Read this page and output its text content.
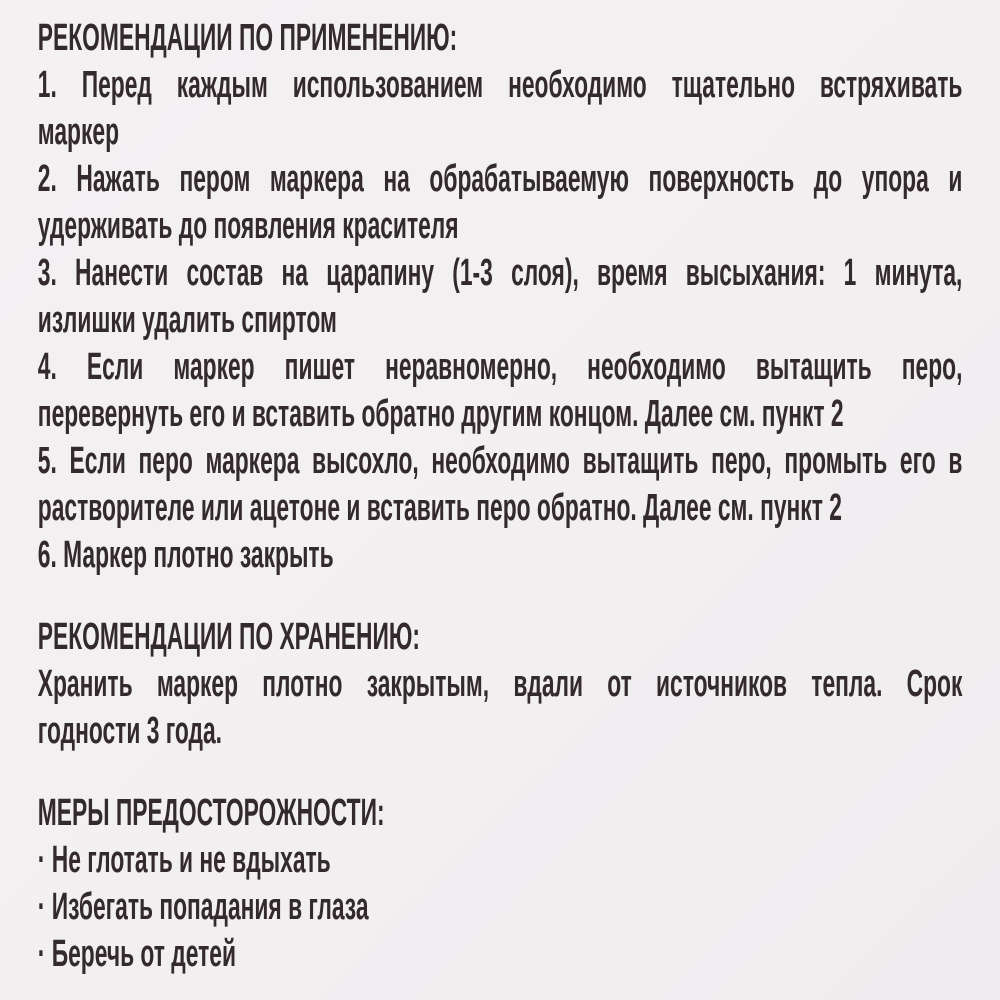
РЕКОМЕНДАЦИИ ПО ПРИМЕНЕНИЮ:
1. Перед каждым использованием необходимо тщательно встряхивать
маркер
2. Нажать пером маркера на обрабатываемую поверхность до упора и
удерживать до появления красителя
3. Нанести состав на царапину (1-3 слоя), время высыхания: 1 минута,
излишки удалить спиртом
4. Если маркер пишет неравномерно, необходимо вытащить перо,
перевернуть его и вставить обратно другим концом. Далее см. пункт 2
5. Если перо маркера высохло, необходимо вытащить перо, промыть его в
растворителе или ацетоне и вставить перо обратно. Далее см. пункт 2
6. Маркер плотно закрыть
РЕКОМЕНДАЦИИ ПО ХРАНЕНИЮ:
Хранить маркер плотно закрытым, вдали от источников тепла. Срок
годности 3 года.
МЕРЫ ПРЕДОСТОРОЖНОСТИ:
· Не глотать и не вдыхать
· Избегать попадания в глаза
· Беречь от детей
